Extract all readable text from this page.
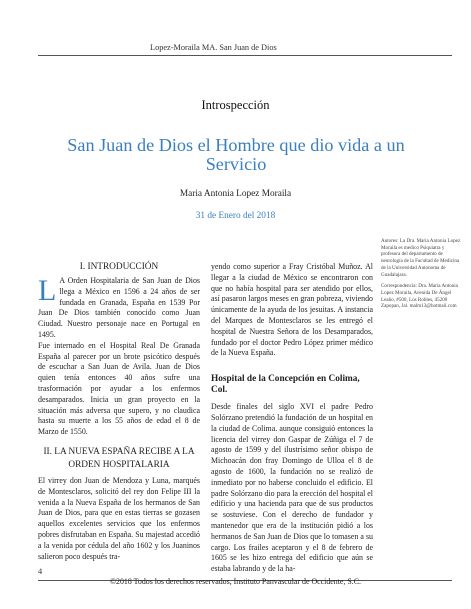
Lopez-Moraila MA. San Juan de Dios
Introspección
San Juan de Dios el Hombre que dio vida a un Servicio
Maria Antonia Lopez Moraila
31 de Enero del 2018

Autores: La Dra. Maria Antonia Lopez Moraila es medico Psiquiatra y profesora del departamento de neurología de la Facultad de Medicina de la Universidad Autonoma de Guadalajara.

Correspondencia: Dra. Maria Antonia Lopez Moraila, Avenida De Ángel Leaño, #500, Los Robles, 45200 Zapopan, Jal. malm13@hotmail.com

I. INTRODUCCIÓN

L A Orden Hospitalaria de San Juan de Dios llega a México en 1596 a 24 años de ser fundada en Granada, España en 1539 Por Juan De Dios también conocido como Juan Ciudad. Nuestro personaje nace en Portugal en 1495.

Fue internado en el Hospital Real De Granada España al parecer por un brote psicótico después de escuchar a San Juan de Avila. Juan de Dios quien tenía entonces 40 años sufre una trasformación por ayudar a los enfermos desamparados. Inicia un gran proyecto en la situación más adversa que supero, y no claudica hasta su muerte a los 55 años de edad el 8 de Marzo de 1550.

II. LA NUEVA ESPAÑA RECIBE A LA ORDEN HOSPITALARIA

El virrey don Juan de Mendoza y Luna, marqués de Montesclaros, solicitó del rey don Felipe III la venida a la Nueva España de los hermanos de San Juan de Dios, para que en estas tierras se gozasen aquellos excelentes servicios que los enfermos pobres disfrutaban en España. Su majestad accedió a la venida por cédula del año 1602 y los Juaninos salieron poco después tra-

yendo como superior a Fray Cristóbal Muñoz. Al llegar a la ciudad de México se encontraron con que no había hospital para ser atendido por ellos, así pasaron largos meses en gran pobreza, viviendo únicamente de la ayuda de los jesuitas. A instancia del Marques de Montesclaros se les entregó el hospital de Nuestra Señora de los Desamparados, fundado por el doctor Pedro López primer médico de la Nueva España.

Hospital de la Concepción en Colima, Col.

Desde finales del siglo XVI el padre Pedro Solórzano pretendió la fundación de un hospital en la ciudad de Colima. aunque consiguió entonces la licencia del virrey don Gaspar de Zúñiga el 7 de agosto de 1599 y del ilustrísimo señor obispo de Michoacán don fray Domingo de Ulloa el 8 de agosto de 1600, la fundación no se realizó de inmediato por no haberse concluido el edificio. El padre Solórzano dio para la erección del hospital el edificio y una hacienda para que de sus productos se sostuviese. Con el derecho de fundador y mantenedor que era de la institución pidió a los hermanos de San Juan de Dios que lo tomasen a su cargo. Los frailes aceptaron y el 8 de febrero de 1605 se les hizo entrega del edificio que aún se estaba labrando y de la ha-

4
©2018 Todos los derechos reservados, Instituto Panvascular de Occidente, S.C.
